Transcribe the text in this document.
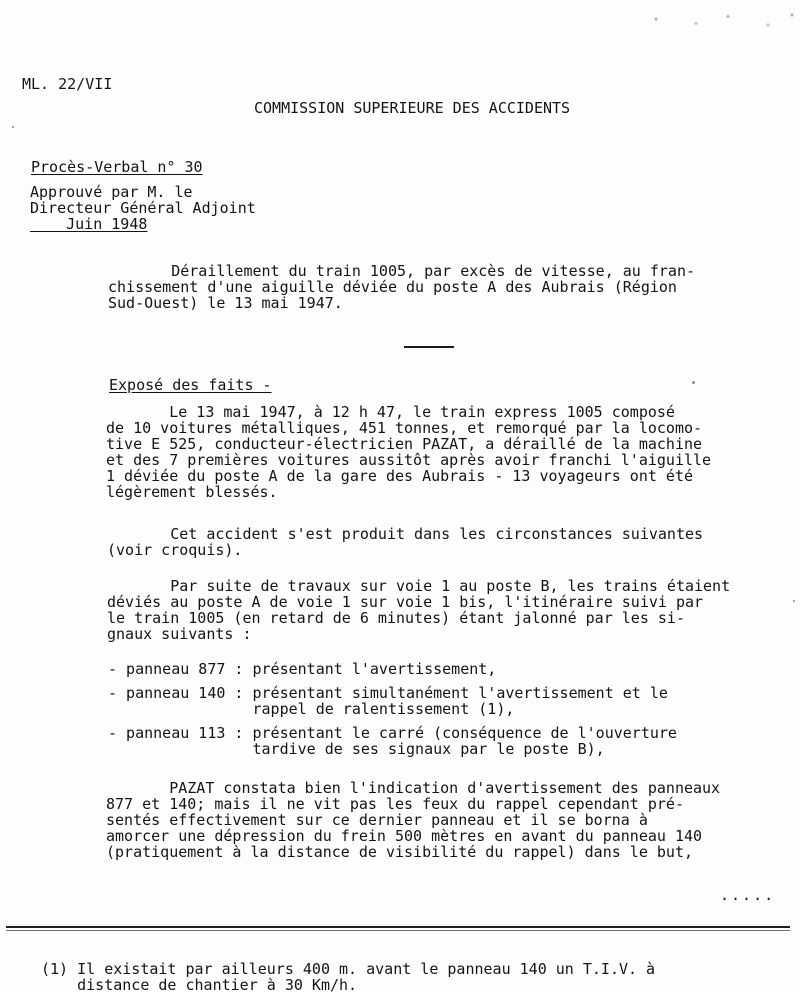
ML. 22/VII
COMMISSION SUPERIEURE DES ACCIDENTS
Procès-Verbal n° 30
Approuvé par M. le
Directeur Général Adjoint
Juin 1948
Déraillement du train 1005, par excès de vitesse, au fran-
chissement d'une aiguille déviée du poste A des Aubrais (Région
Sud-Ouest) le 13 mai 1947.
Exposé des faits -
Le 13 mai 1947, à 12 h 47, le train express 1005 composé
de 10 voitures métalliques, 451 tonnes, et remorqué par la locomo-
tive E 525, conducteur-électricien PAZAT, a déraillé de la machine
et des 7 premières voitures aussitôt après avoir franchi l'aiguille
1 déviée du poste A de la gare des Aubrais - 13 voyageurs ont été
légèrement blessés.
Cet accident s'est produit dans les circonstances suivantes
(voir croquis).
Par suite de travaux sur voie 1 au poste B, les trains étaient
déviés au poste A de voie 1 sur voie 1 bis, l'itinéraire suivi par
le train 1005 (en retard de 6 minutes) étant jalonné par les si-
gnaux suivants :
- panneau 877 : présentant l'avertissement,
- panneau 140 : présentant simultanément l'avertissement et le
rappel de ralentissement (1),
- panneau 113 : présentant le carré (conséquence de l'ouverture
tardive de ses signaux par le poste B),
PAZAT constata bien l'indication d'avertissement des panneaux
877 et 140; mais il ne vit pas les feux du rappel cependant pré-
sentés effectivement sur ce dernier panneau et il se borna à
amorcer une dépression du frein 500 mètres en avant du panneau 140
(pratiquement à la distance de visibilité du rappel) dans le but,
.....
(1) Il existait par ailleurs 400 m. avant le panneau 140 un T.I.V. à
distance de chantier à 30 Km/h.
